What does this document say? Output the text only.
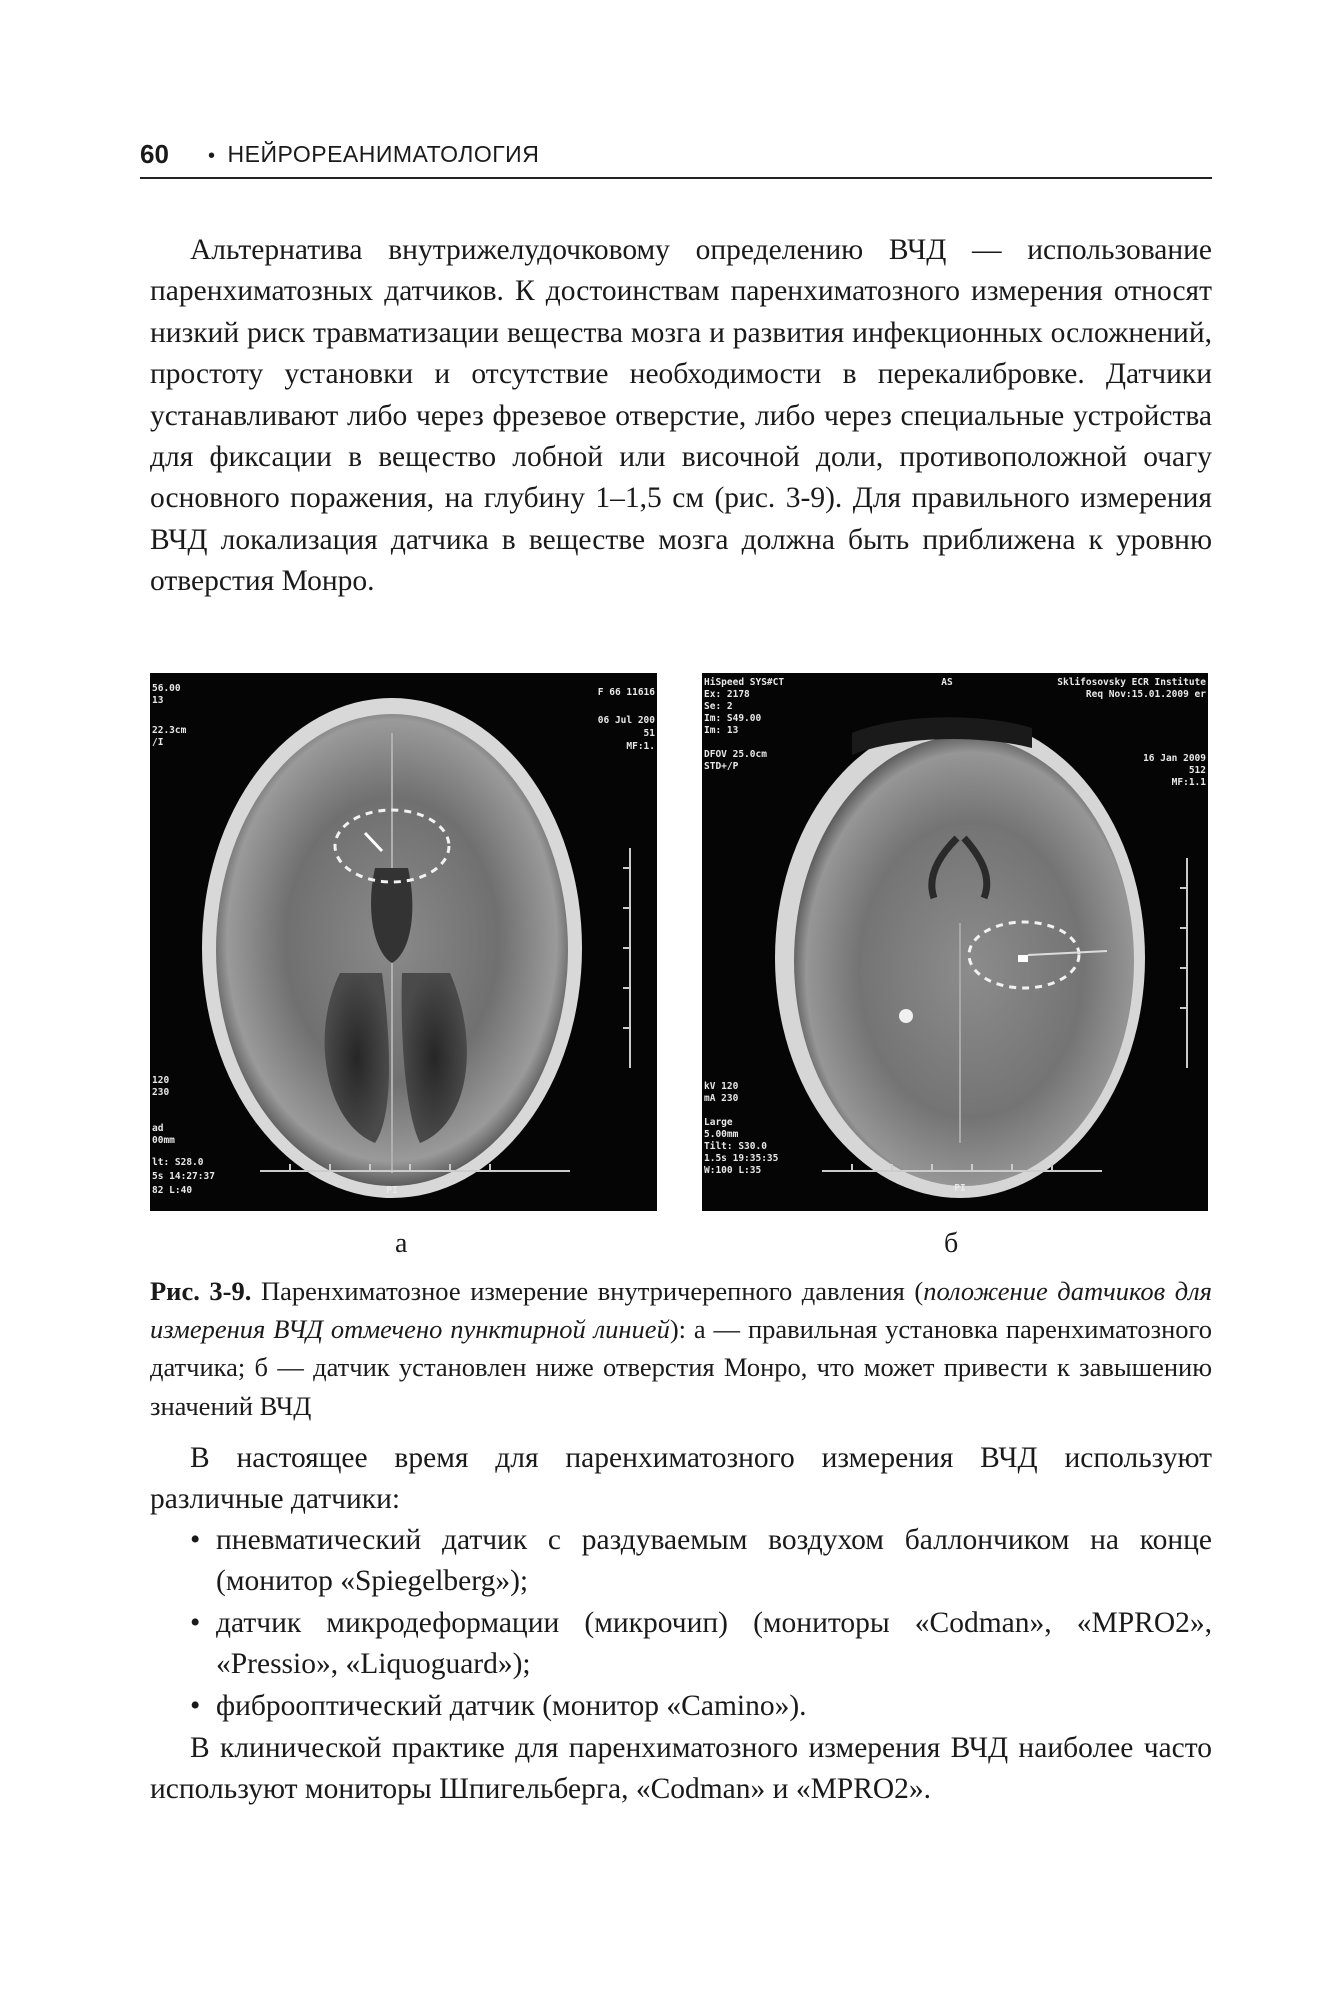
60 • НЕЙРОРЕАНИМАТОЛОГИЯ

Альтернатива внутрижелудочковому определению ВЧД — использование паренхиматозных датчиков. К достоинствам паренхиматозного измерения относят низкий риск травматизации вещества мозга и развития инфекционных осложнений, простоту установки и отсутствие необходимости в перекалибровке. Датчики устанавливают либо через фрезевое отверстие, либо через специальные устройства для фиксации в вещество лобной или височной доли, противоположной очагу основного поражения, на глубину 1–1,5 см (рис. 3-9). Для правильного измерения ВЧД локализация датчика в веществе мозга должна быть приближена к уровню отверстия Монро.

56.00
13
22.3cm
/I
F 66 11616
06 Jul 200
51
MF:1.
120
230
ad
00mm
lt: S28.0
5s 14:27:37
82 L:40	PI
HiSpeed SYS#CT
Ex: 2178
Se: 2
Im: S49.00
Im: 13
DFOV 25.0cm
STD+/P
AS	Sklifosovsky ECR Institute
Req Nov:15.01.2009 er
16 Jan 2009
512
MF:1.1
kV 120
mA 230
Large
5.00mm
Tilt: S30.0
1.5s 19:35:35
W:100 L:35
PI
а	б

Рис. 3-9. Паренхиматозное измерение внутричерепного давления (положение датчиков для измерения ВЧД отмечено пунктирной линией): а — правильная установка паренхиматозного датчика; б — датчик установлен ниже отверстия Монро, что может привести к завышению значений ВЧД

В настоящее время для паренхиматозного измерения ВЧД используют различные датчики:

• пневматический датчик с раздуваемым воздухом баллончиком на конце (монитор «Spiegelberg»);
• датчик микродеформации (микрочип) (мониторы «Codman», «MPRO2», «Pressio», «Liquoguard»);
• фиброоптический датчик (монитор «Camino»).

В клинической практике для паренхиматозного измерения ВЧД наиболее часто используют мониторы Шпигельберга, «Codman» и «MPRO2».
